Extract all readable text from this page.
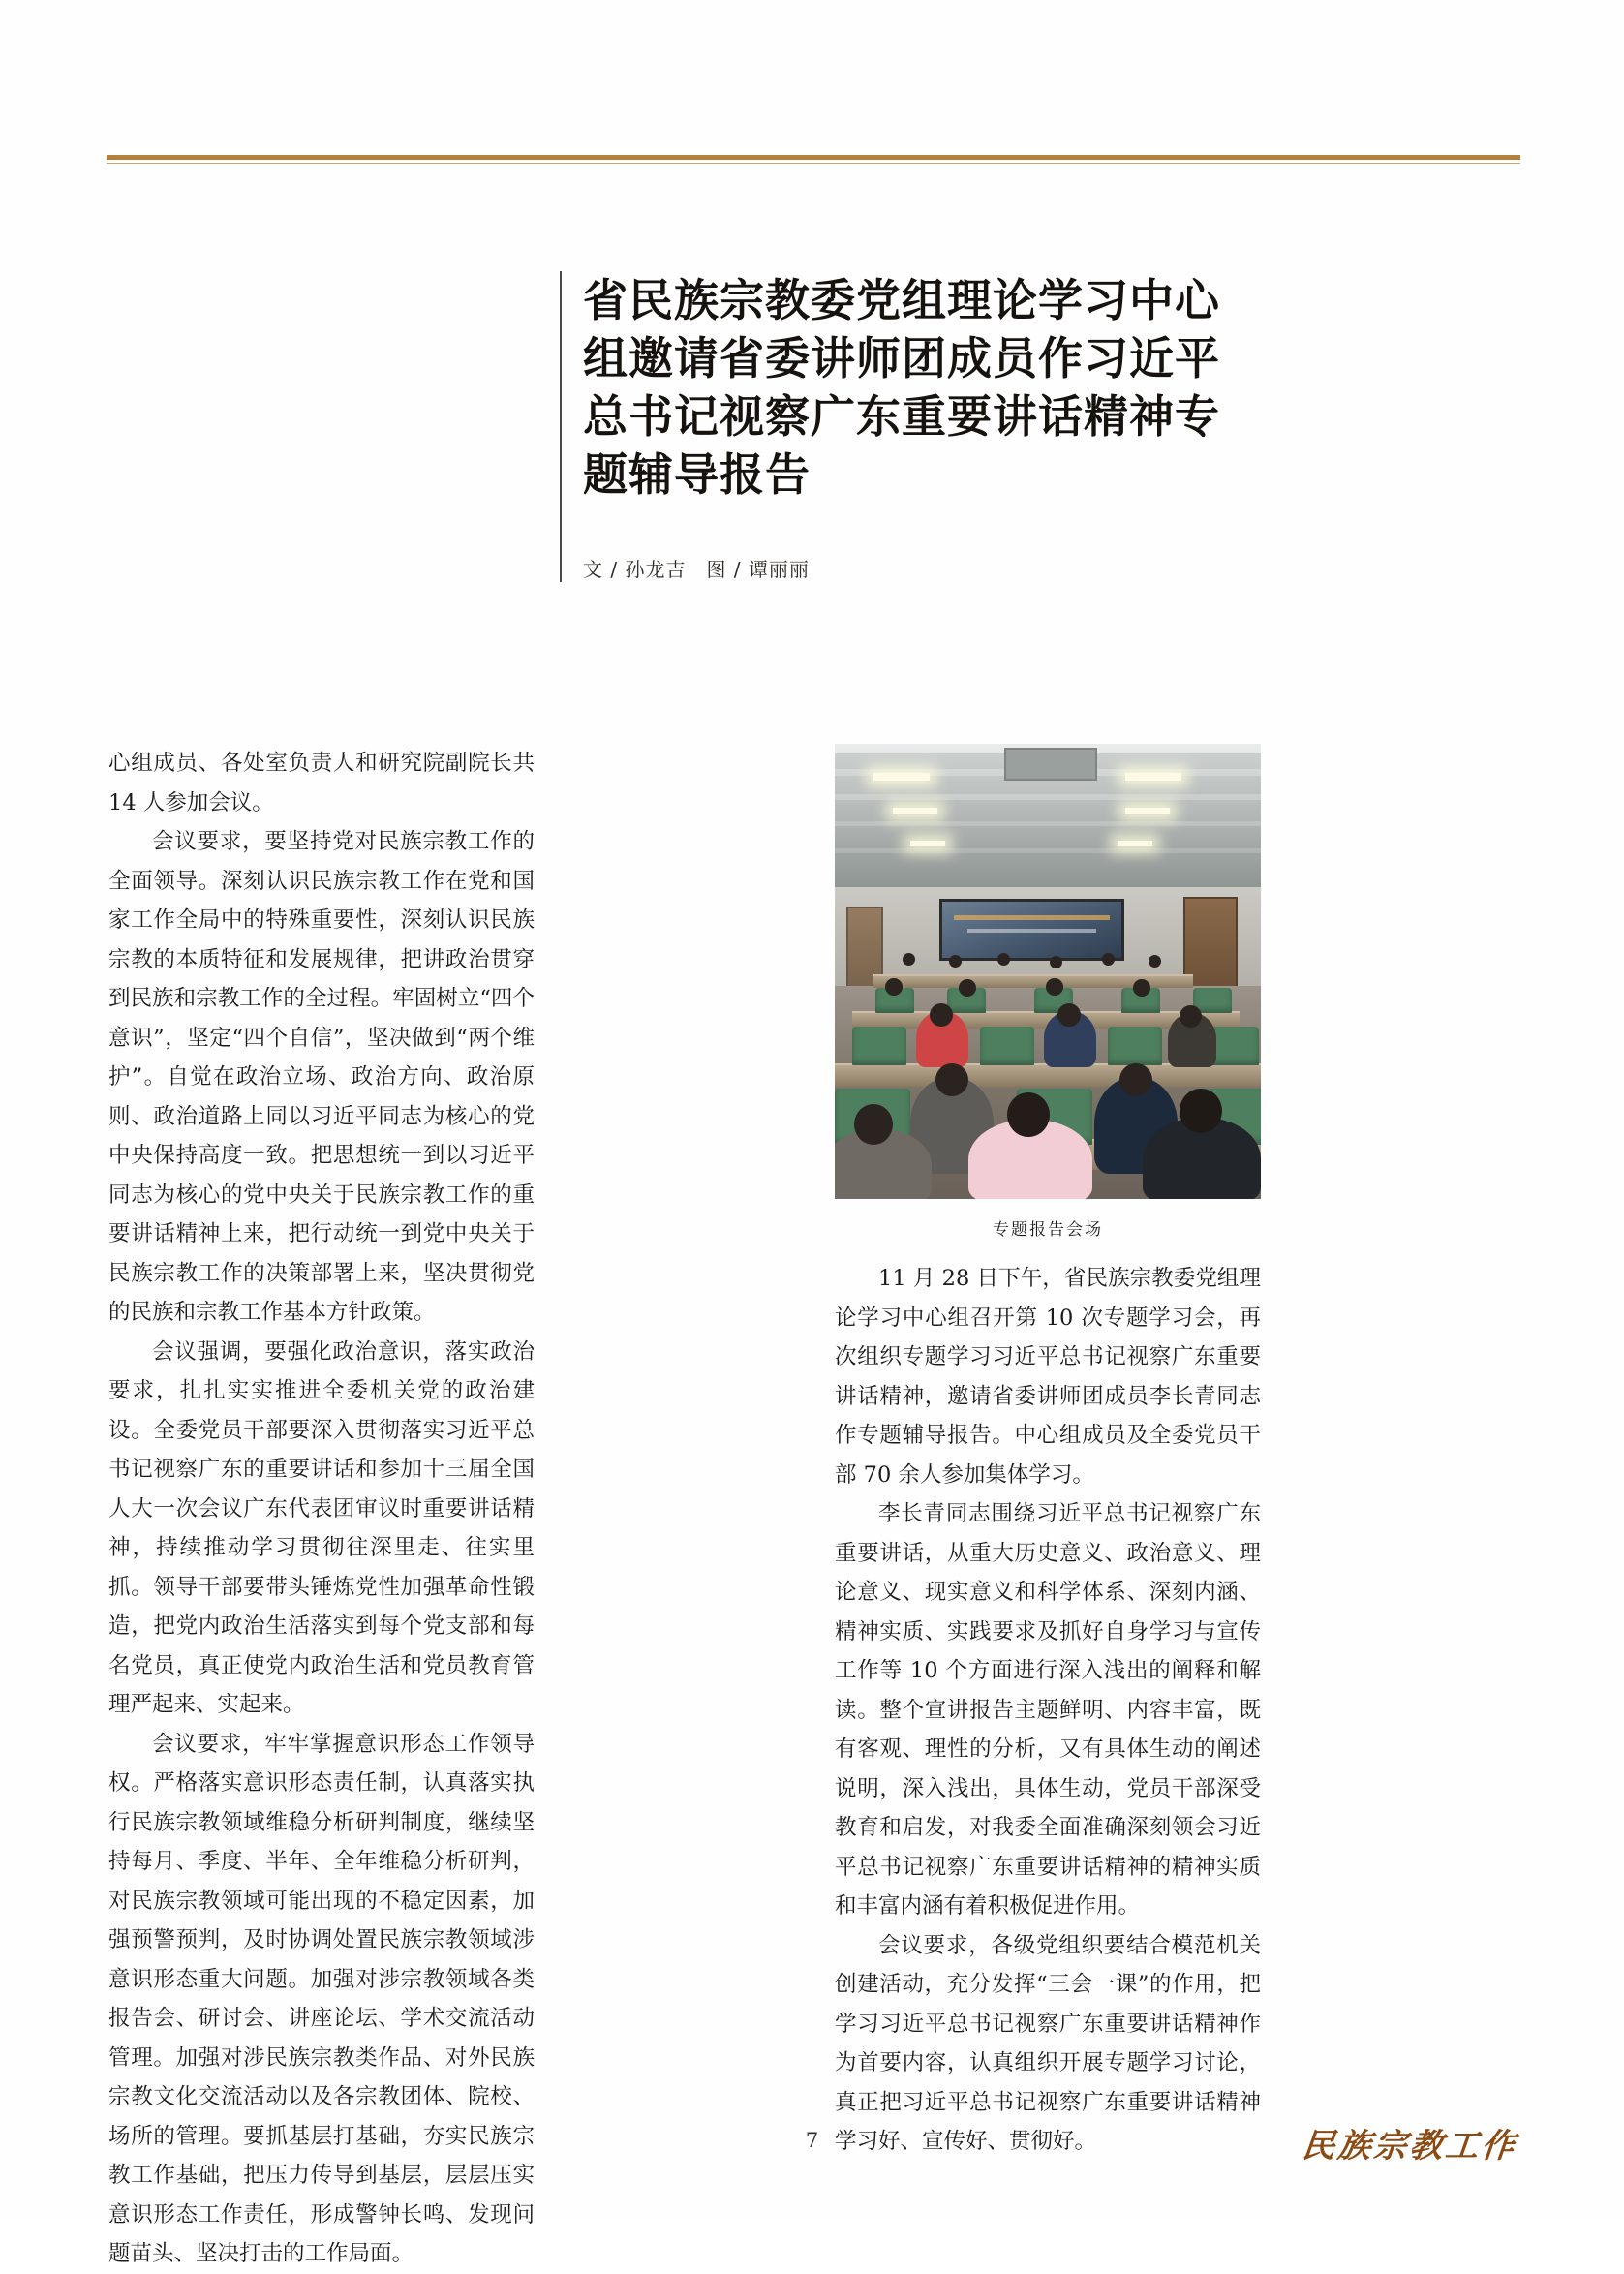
省民族宗教委党组理论学习中心组邀请省委讲师团成员作习近平总书记视察广东重要讲话精神专题辅导报告
文 / 孙龙吉　图 / 谭丽丽
专题报告会场

心组成员、各处室负责人和研究院副院长共 14 人参加会议。

会议要求，要坚持党对民族宗教工作的全面领导。深刻认识民族宗教工作在党和国家工作全局中的特殊重要性，深刻认识民族宗教的本质特征和发展规律，把讲政治贯穿到民族和宗教工作的全过程。牢固树立“四个意识”，坚定“四个自信”，坚决做到“两个维护”。自觉在政治立场、政治方向、政治原则、政治道路上同以习近平同志为核心的党中央保持高度一致。把思想统一到以习近平同志为核心的党中央关于民族宗教工作的重要讲话精神上来，把行动统一到党中央关于民族宗教工作的决策部署上来，坚决贯彻党的民族和宗教工作基本方针政策。

会议强调，要强化政治意识，落实政治要求，扎扎实实推进全委机关党的政治建设。全委党员干部要深入贯彻落实习近平总书记视察广东的重要讲话和参加十三届全国人大一次会议广东代表团审议时重要讲话精神，持续推动学习贯彻往深里走、往实里抓。领导干部要带头锤炼党性加强革命性锻造，把党内政治生活落实到每个党支部和每名党员，真正使党内政治生活和党员教育管理严起来、实起来。

会议要求，牢牢掌握意识形态工作领导权。严格落实意识形态责任制，认真落实执行民族宗教领域维稳分析研判制度，继续坚持每月、季度、半年、全年维稳分析研判，对民族宗教领域可能出现的不稳定因素，加强预警预判，及时协调处置民族宗教领域涉意识形态重大问题。加强对涉宗教领域各类报告会、研讨会、讲座论坛、学术交流活动管理。加强对涉民族宗教类作品、对外民族宗教文化交流活动以及各宗教团体、院校、场所的管理。要抓基层打基础，夯实民族宗教工作基础，把压力传导到基层，层层压实意识形态工作责任，形成警钟长鸣、发现问题苗头、坚决打击的工作局面。

11 月 28 日下午，省民族宗教委党组理论学习中心组召开第 10 次专题学习会，再次组织专题学习习近平总书记视察广东重要讲话精神，邀请省委讲师团成员李长青同志作专题辅导报告。中心组成员及全委党员干部 70 余人参加集体学习。

李长青同志围绕习近平总书记视察广东重要讲话，从重大历史意义、政治意义、理论意义、现实意义和科学体系、深刻内涵、精神实质、实践要求及抓好自身学习与宣传工作等 10 个方面进行深入浅出的阐释和解读。整个宣讲报告主题鲜明、内容丰富，既有客观、理性的分析，又有具体生动的阐述说明，深入浅出，具体生动，党员干部深受教育和启发，对我委全面准确深刻领会习近平总书记视察广东重要讲话精神的精神实质和丰富内涵有着积极促进作用。

会议要求，各级党组织要结合模范机关创建活动，充分发挥“三会一课”的作用，把学习习近平总书记视察广东重要讲话精神作为首要内容，认真组织开展专题学习讨论，真正把习近平总书记视察广东重要讲话精神学习好、宣传好、贯彻好。

7	民族宗教工作
